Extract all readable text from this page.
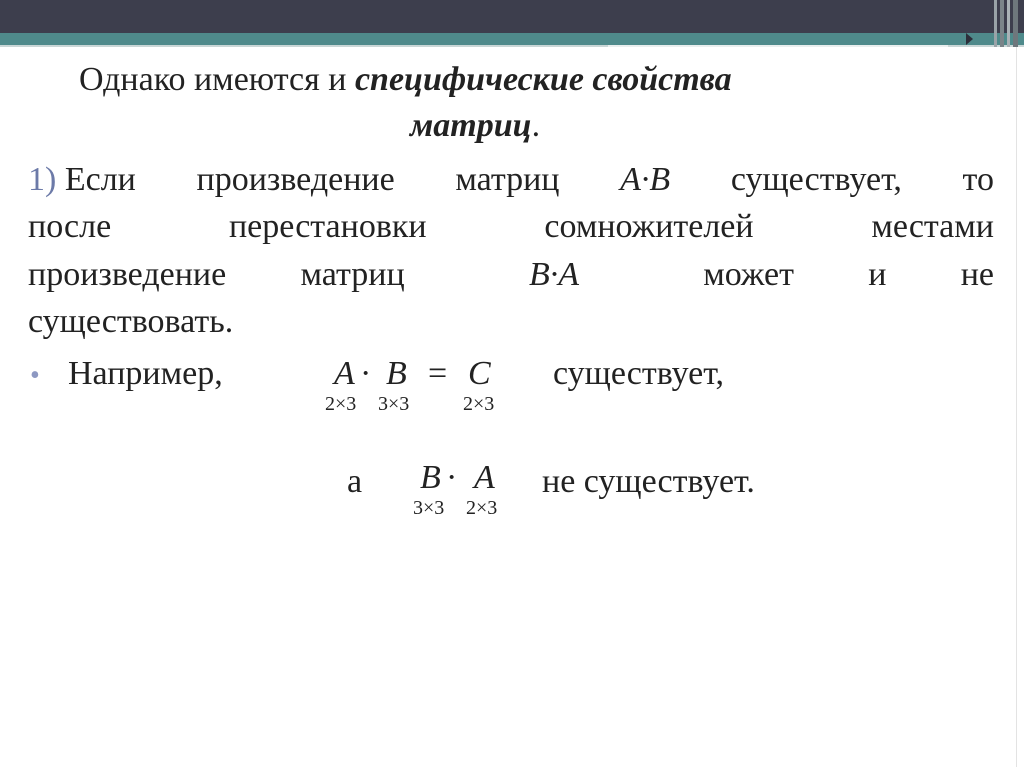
Однако имеются и специфические свойства
матриц.
1) Если произведение матриц A·B существует, то
после	перестановки	сомножителей	местами
произведение матриц	B·A	может и не
существовать.
• Например,	A · B = C
2×3 3×3	2×3
существует,
а B · A
3×3 2×3
не существует.
